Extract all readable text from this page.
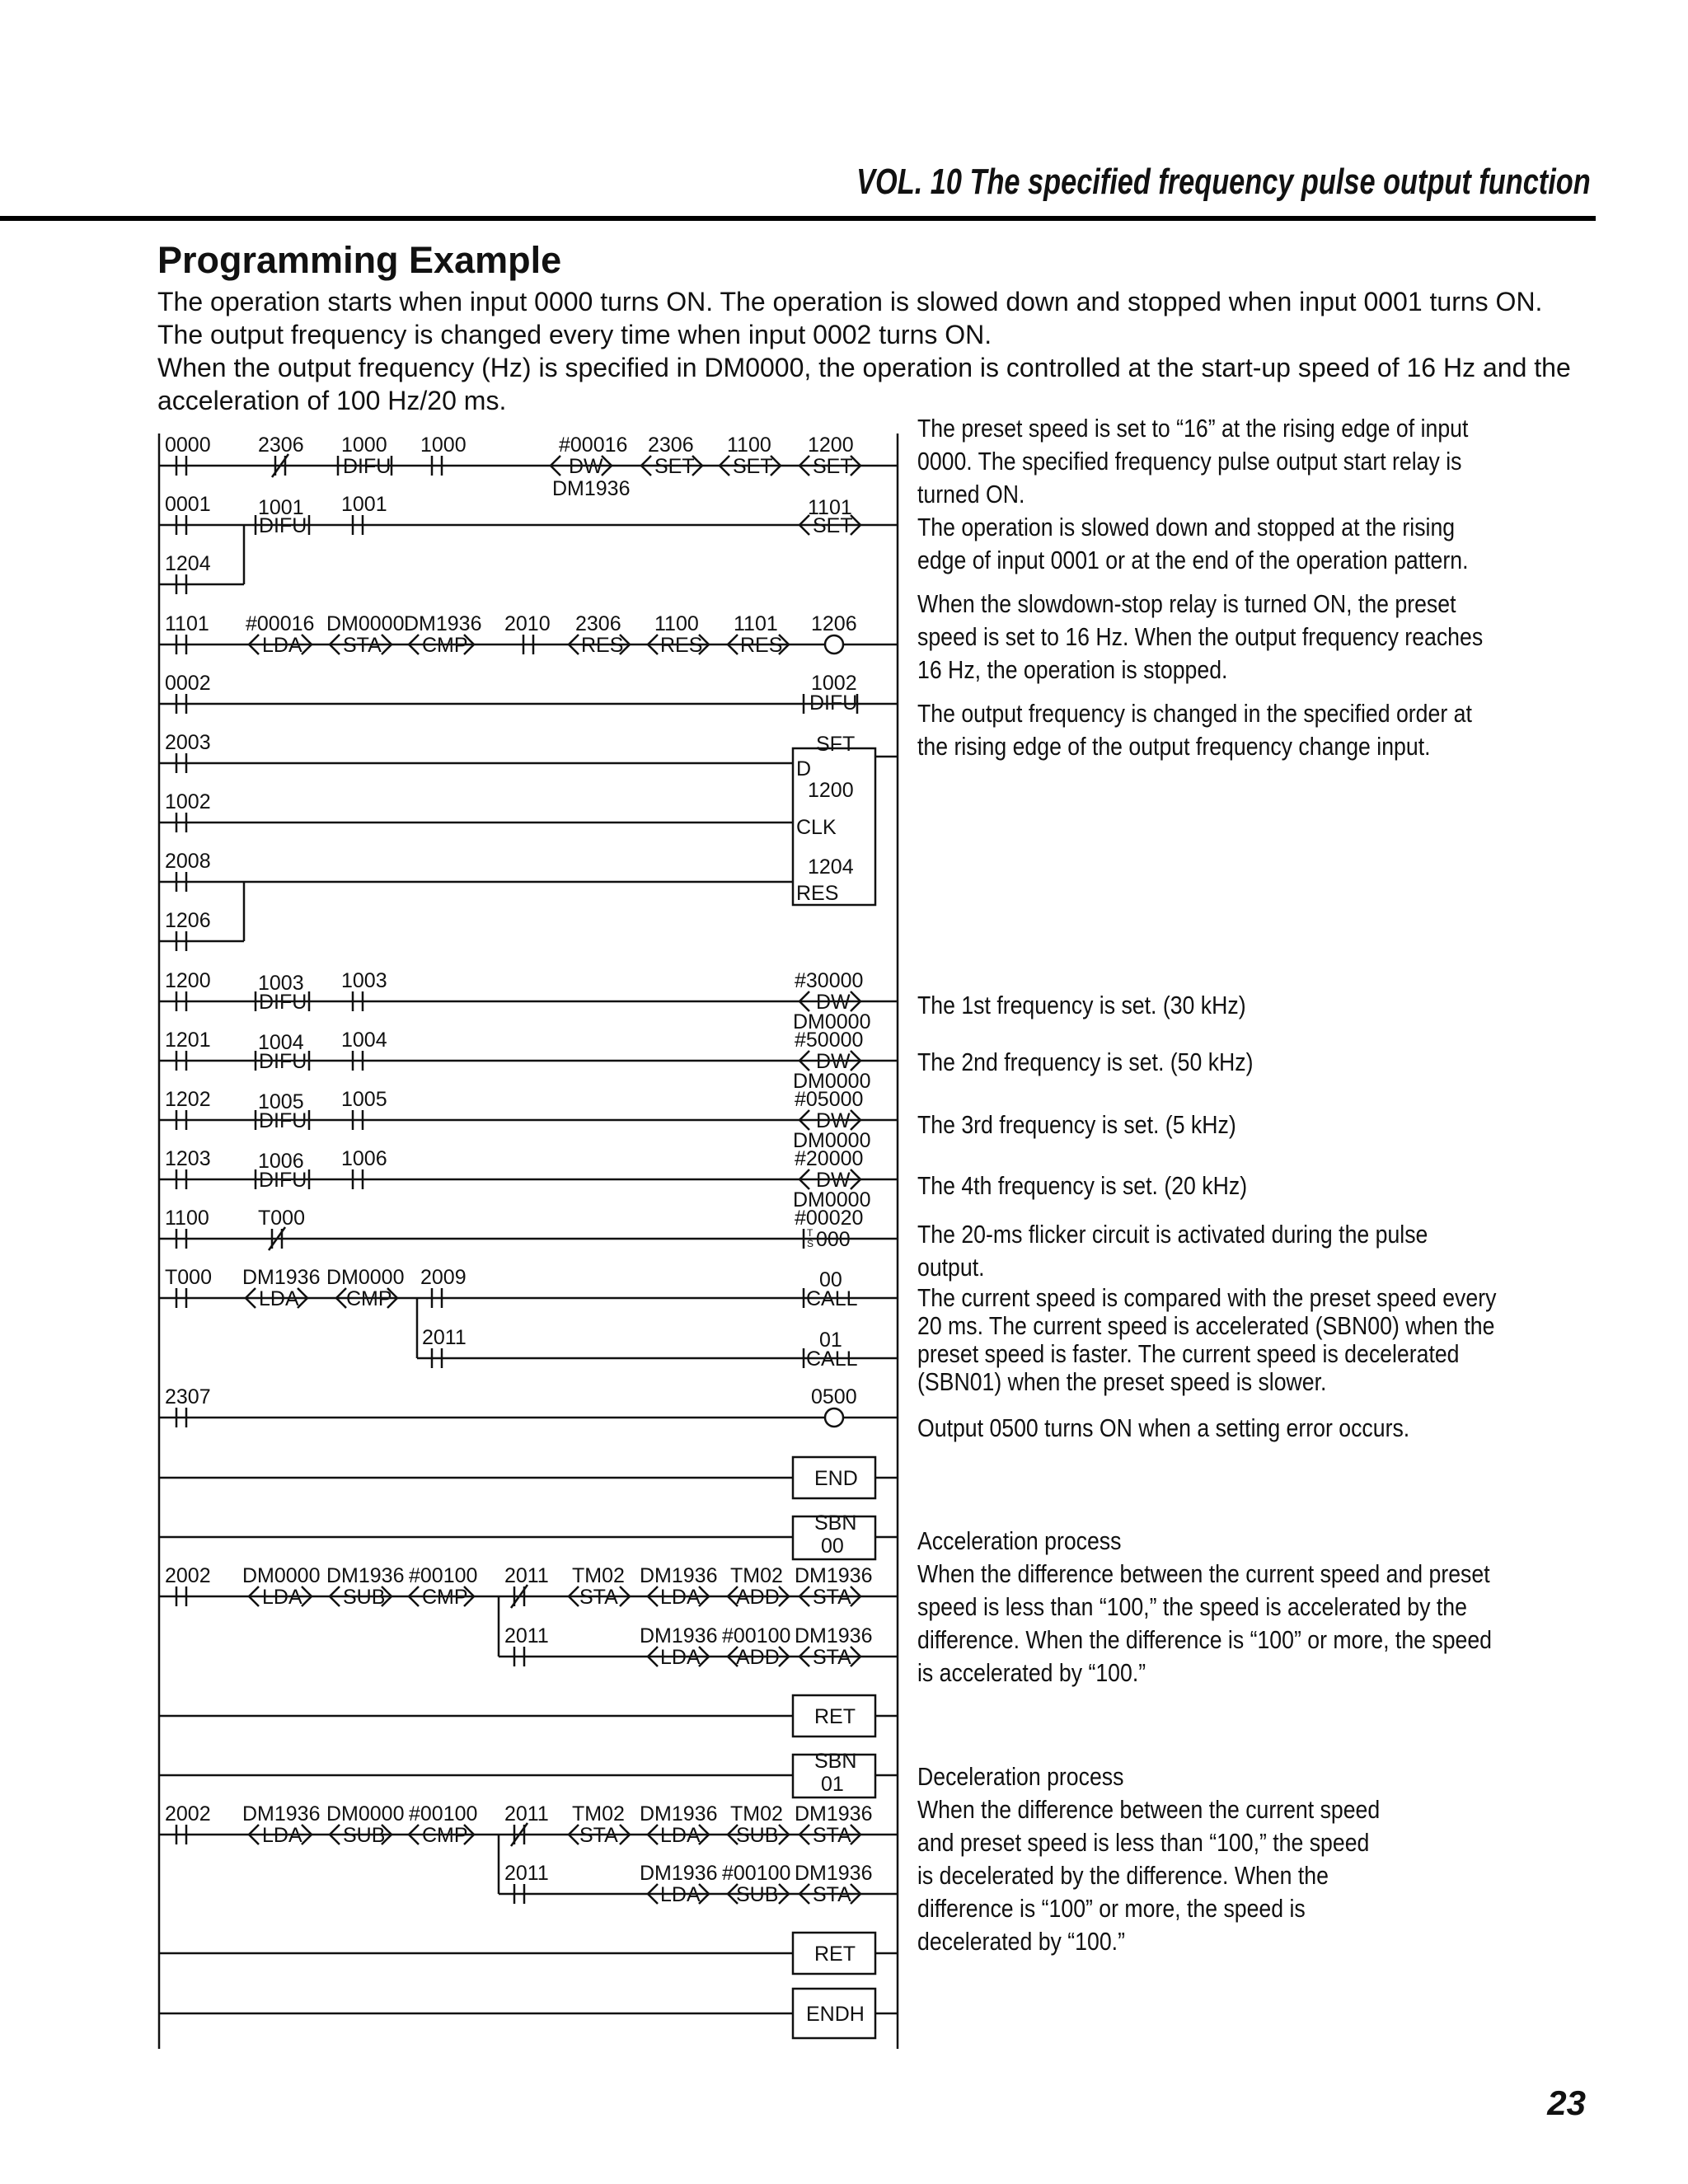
VOL. 10 The specified frequency pulse output function
Programming Example

The operation starts when input 0000 turns ON. The operation is slowed down and stopped when input 0001 turns ON. The output frequency is changed every time when input 0002 turns ON.

When the output frequency (Hz) is specified in DM0000, the operation is controlled at the start-up speed of 16 Hz and the acceleration of 100 Hz/20 ms.

0000 2306 1000
DIFU
1000	#00016
DW
DM1936
2306
SET
1100
SET
1200
SET
0001 1001
DIFU
1001	1101
SET
1204
1101 #00016
LDA
DM0000
STA
DM1936
CMP
2010 2306
RES
1100
RES
1101
RES
1206
0002	1002
DIFU
SFT
D
1200
CLK
1204
RES
2003
1002
2008
1206
1200 1003
DIFU
1003	#30000
DW
DM0000
1201 1004
DIFU
1004	#50000
DW
DM0000
1202 1005
DIFU
1005	#05000
DW
DM0000
1203 1006
DIFU
1006	#20000
DW
DM0000
1100 T000	#00020
T
S 000
T000 DM1936
LDA
DM0000
CMP
2009
2011
00
CALL
01
CALL
2307	0500
END
SBN
00
2002 DM0000
LDA
DM1936
SUB
#00100
CMP
2011 TM02
STA
DM1936
LDA
TM02
ADD
DM1936
STA
2011	DM1936
LDA
#00100
ADD
DM1936
STA
RET
SBN
01
2002 DM1936
LDA
DM0000
SUB
#00100
CMP
2011 TM02
STA
DM1936
LDA
TM02
SUB
DM1936
STA
2011	DM1936
LDA
#00100
SUB
DM1936
STA
RET
ENDH
The preset speed is set to “16” at the rising edge of input
0000. The specified frequency pulse output start relay is
turned ON.
The operation is slowed down and stopped at the rising
edge of input 0001 or at the end of the operation pattern.
When the slowdown-stop relay is turned ON, the preset
speed is set to 16 Hz. When the output frequency reaches
16 Hz, the operation is stopped.
The output frequency is changed in the specified order at
the rising edge of the output frequency change input.
The 1st frequency is set. (30 kHz)
The 2nd frequency is set. (50 kHz)
The 3rd frequency is set. (5 kHz)
The 4th frequency is set. (20 kHz)
The 20-ms flicker circuit is activated during the pulse
output.
The current speed is compared with the preset speed every
20 ms. The current speed is accelerated (SBN00) when the
preset speed is faster. The current speed is decelerated
(SBN01) when the preset speed is slower.
Output 0500 turns ON when a setting error occurs.
Acceleration process
When the difference between the current speed and preset
speed is less than “100,” the speed is accelerated by the
difference. When the difference is “100” or more, the speed
is accelerated by “100.”
Deceleration process
When the difference between the current speed
and preset speed is less than “100,” the speed
is decelerated by the difference. When the
difference is “100” or more, the speed is
decelerated by “100.”
23
